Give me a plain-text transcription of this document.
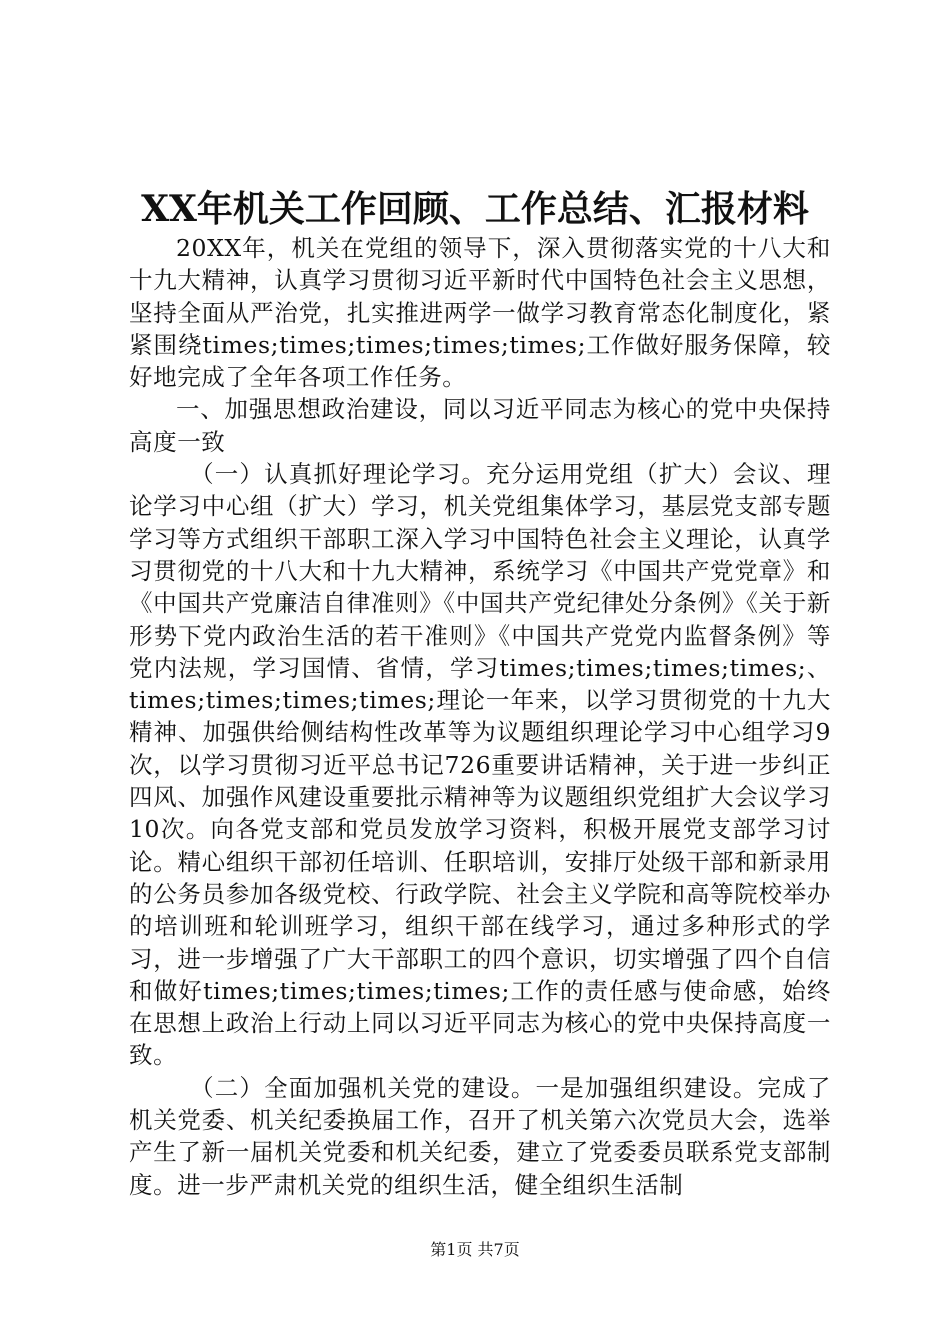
XX年机关工作回顾、工作总结、汇报材料

20XX年，机关在党组的领导下，深入贯彻落实党的十八大和十九大精神，认真学习贯彻习近平新时代中国特色社会主义思想，坚持全面从严治党，扎实推进两学一做学习教育常态化制度化，紧紧围绕times;times;times;times;times;工作做好服务保障，较好地完成了全年各项工作任务。

一、加强思想政治建设，同以习近平同志为核心的党中央保持高度一致

（一）认真抓好理论学习。充分运用党组（扩大）会议、理论学习中心组（扩大）学习，机关党组集体学习，基层党支部专题学习等方式组织干部职工深入学习中国特色社会主义理论，认真学习贯彻党的十八大和十九大精神，系统学习《中国共产党党章》和《中国共产党廉洁自律准则》《中国共产党纪律处分条例》《关于新形势下党内政治生活的若干准则》《中国共产党党内监督条例》等党内法规，学习国情、省情，学习times;times;times;times;、times;times;times;times;理论一年来，以学习贯彻党的十九大精神、加强供给侧结构性改革等为议题组织理论学习中心组学习9次，以学习贯彻习近平总书记726重要讲话精神，关于进一步纠正四风、加强作风建设重要批示精神等为议题组织党组扩大会议学习10次。向各党支部和党员发放学习资料，积极开展党支部学习讨论。精心组织干部初任培训、任职培训，安排厅处级干部和新录用的公务员参加各级党校、行政学院、社会主义学院和高等院校举办的培训班和轮训班学习，组织干部在线学习，通过多种形式的学习，进一步增强了广大干部职工的四个意识，切实增强了四个自信和做好times;times;times;times;工作的责任感与使命感，始终在思想上政治上行动上同以习近平同志为核心的党中央保持高度一致。

（二）全面加强机关党的建设。一是加强组织建设。完成了机关党委、机关纪委换届工作，召开了机关第六次党员大会，选举产生了新一届机关党委和机关纪委，建立了党委委员联系党支部制度。进一步严肃机关党的组织生活，健全组织生活制

第1页 共7页
